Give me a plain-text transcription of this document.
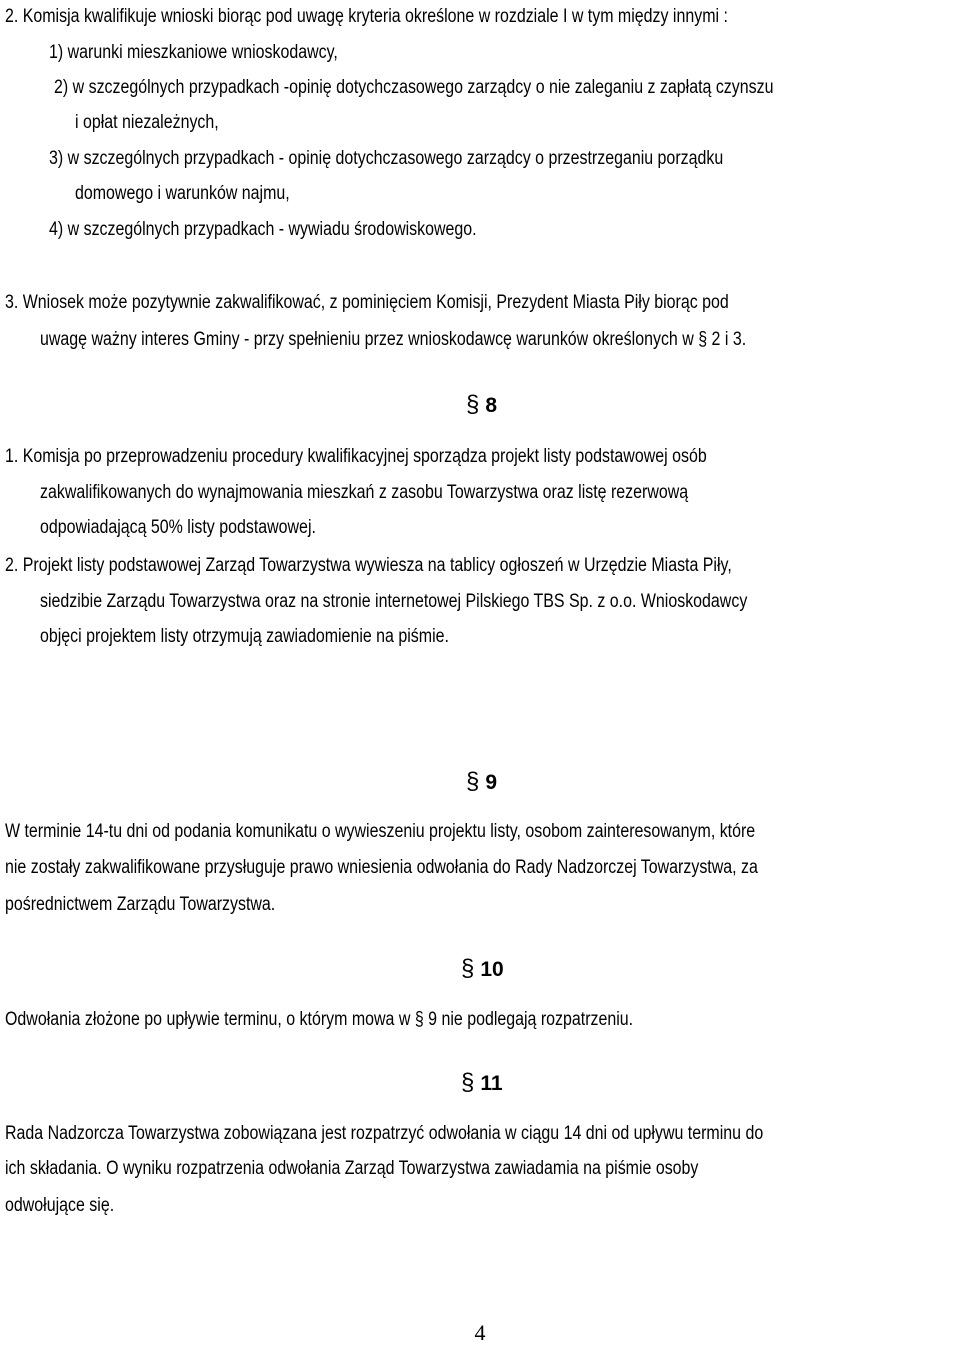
2. Komisja kwalifikuje wnioski biorąc pod uwagę kryteria określone w rozdziale I w tym między innymi :
1) warunki mieszkaniowe wnioskodawcy,
2) w szczególnych przypadkach -opinię dotychczasowego zarządcy o nie zaleganiu z zapłatą czynszu
i opłat niezależnych,
3) w szczególnych przypadkach - opinię dotychczasowego zarządcy o przestrzeganiu porządku
domowego i warunków najmu,
4) w szczególnych przypadkach - wywiadu środowiskowego.
3. Wniosek może pozytywnie zakwalifikować, z pominięciem Komisji, Prezydent Miasta Piły biorąc pod
uwagę ważny interes Gminy - przy spełnieniu przez wnioskodawcę warunków określonych w § 2 i 3.
§ 8
1. Komisja po przeprowadzeniu procedury kwalifikacyjnej sporządza projekt listy podstawowej osób
zakwalifikowanych do wynajmowania mieszkań z zasobu Towarzystwa oraz listę rezerwową
odpowiadającą 50% listy podstawowej.
2. Projekt listy podstawowej Zarząd Towarzystwa wywiesza na tablicy ogłoszeń w Urzędzie Miasta Piły,
siedzibie Zarządu Towarzystwa oraz na stronie internetowej Pilskiego TBS Sp. z o.o. Wnioskodawcy
objęci projektem listy otrzymują zawiadomienie na piśmie.
§ 9
W terminie 14-tu dni od podania komunikatu o wywieszeniu projektu listy, osobom zainteresowanym, które
nie zostały zakwalifikowane przysługuje prawo wniesienia odwołania do Rady Nadzorczej Towarzystwa, za
pośrednictwem Zarządu Towarzystwa.
§ 10
Odwołania złożone po upływie terminu, o którym mowa w § 9 nie podlegają rozpatrzeniu.
§ 11
Rada Nadzorcza Towarzystwa zobowiązana jest rozpatrzyć odwołania w ciągu 14 dni od upływu terminu do
ich składania. O wyniku rozpatrzenia odwołania Zarząd Towarzystwa zawiadamia na piśmie osoby
odwołujące się.
4
